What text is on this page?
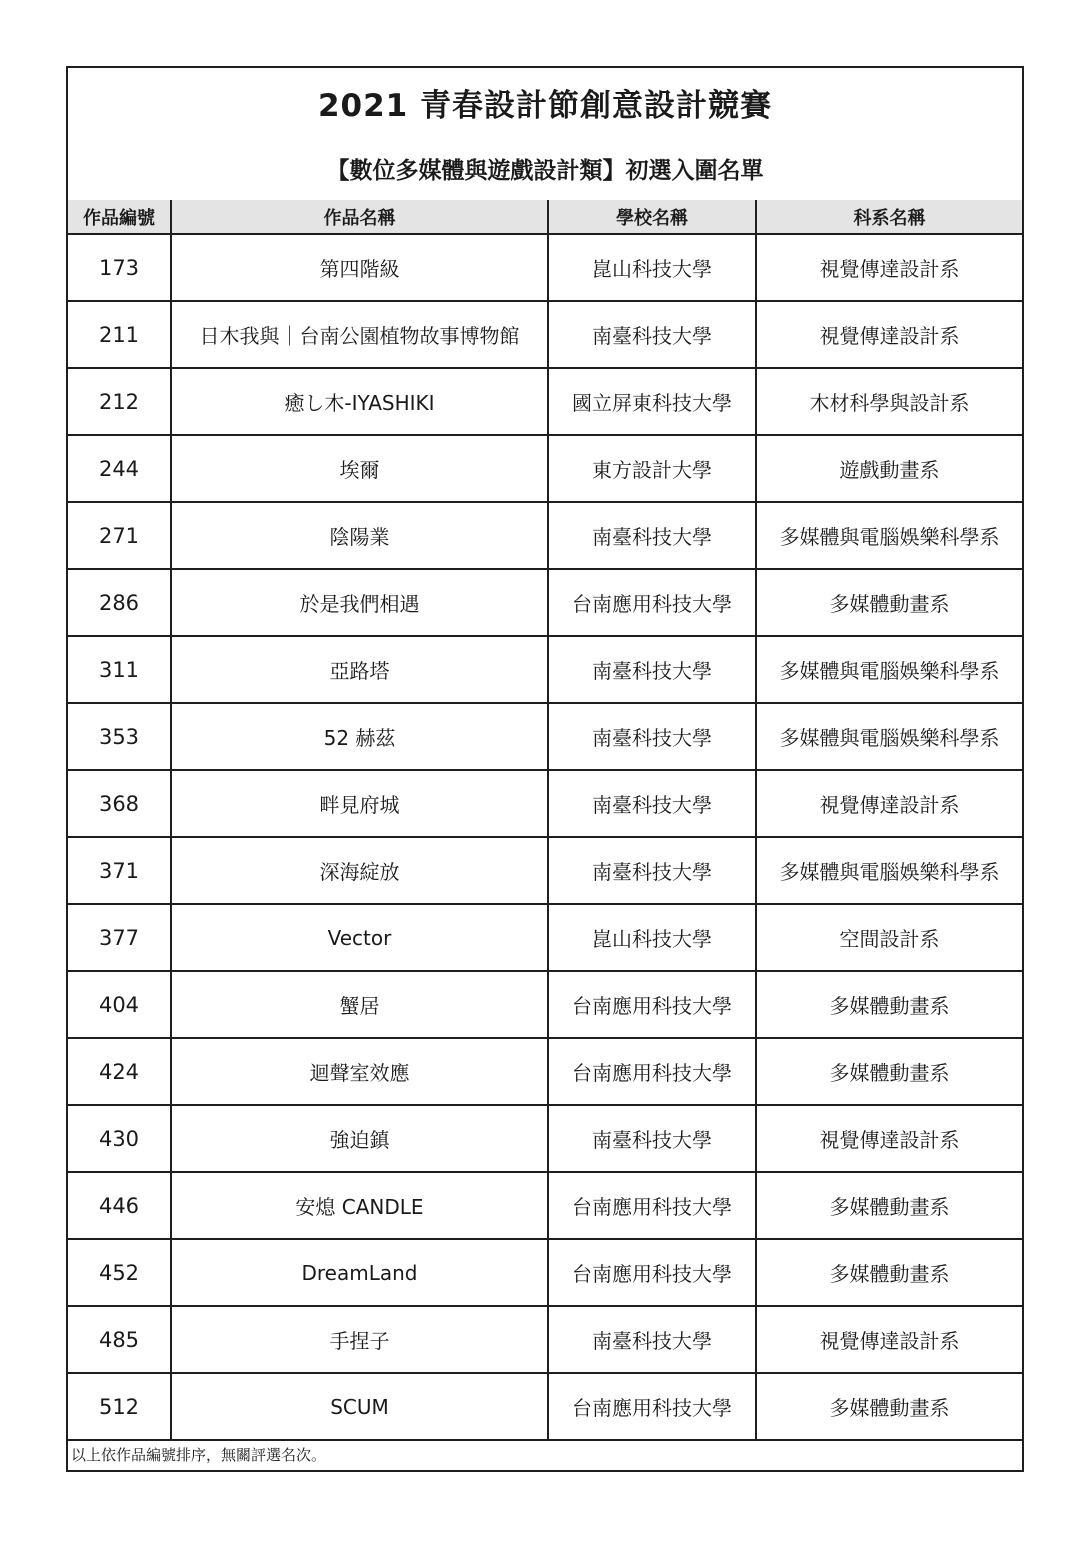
2021 青春設計節創意設計競賽
【數位多媒體與遊戲設計類】初選入圍名單
作品編號	作品名稱	學校名稱	科系名稱
173	第四階級	崑山科技大學	視覺傳達設計系
211	日木我與｜台南公園植物故事博物館	南臺科技大學	視覺傳達設計系
212	癒し木-IYASHIKI	國立屏東科技大學	木材科學與設計系
244	埃爾	東方設計大學	遊戲動畫系
271	陰陽業	南臺科技大學	多媒體與電腦娛樂科學系
286	於是我們相遇	台南應用科技大學	多媒體動畫系
311	亞路塔	南臺科技大學	多媒體與電腦娛樂科學系
353	52 赫茲	南臺科技大學	多媒體與電腦娛樂科學系
368	畔見府城	南臺科技大學	視覺傳達設計系
371	深海綻放	南臺科技大學	多媒體與電腦娛樂科學系
377	Vector	崑山科技大學	空間設計系
404	蟹居	台南應用科技大學	多媒體動畫系
424	迴聲室效應	台南應用科技大學	多媒體動畫系
430	強迫鎮	南臺科技大學	視覺傳達設計系
446	安熄 CANDLE	台南應用科技大學	多媒體動畫系
452	DreamLand	台南應用科技大學	多媒體動畫系
485	手捏子	南臺科技大學	視覺傳達設計系
512	SCUM	台南應用科技大學	多媒體動畫系
以上依作品編號排序，無關評選名次。
